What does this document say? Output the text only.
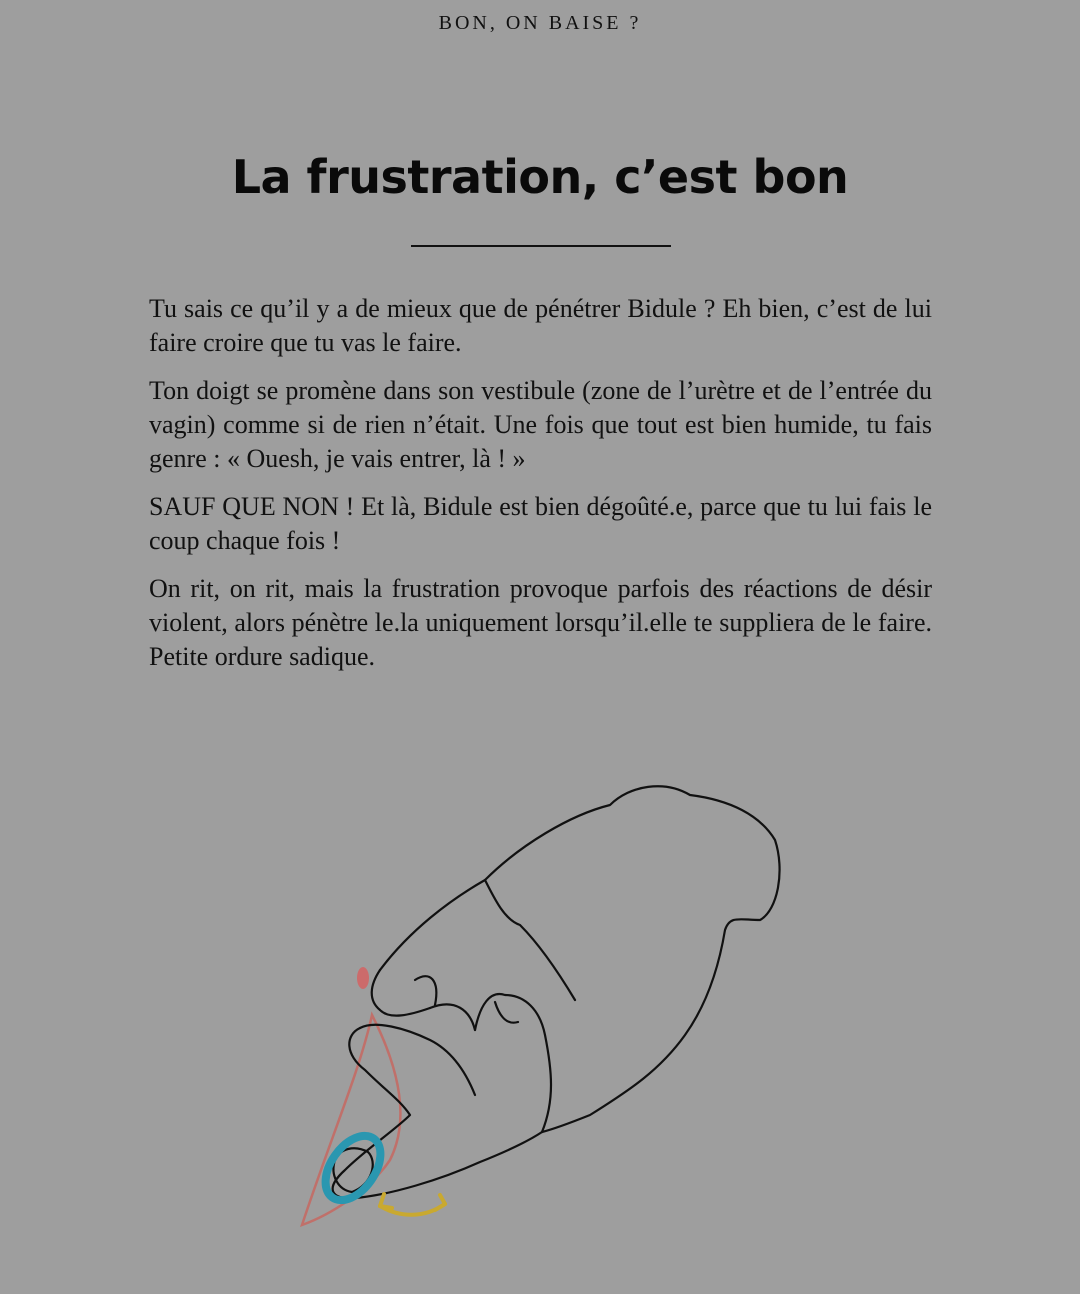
BON, ON BAISE ?
La frustration, c’est bon

Tu sais ce qu’il y a de mieux que de pénétrer Bidule ? Eh bien, c’est de lui faire croire que tu vas le faire.

Ton doigt se promène dans son vestibule (zone de l’urètre et de l’entrée du vagin) comme si de rien n’était. Une fois que tout est bien humide, tu fais genre : « Ouesh, je vais entrer, là ! »

SAUF QUE NON ! Et là, Bidule est bien dégoûté.e, parce que tu lui fais le coup chaque fois !

On rit, on rit, mais la frustration provoque parfois des réactions de désir violent, alors pénètre le.la uniquement lorsqu’il.elle te suppliera de le faire. Petite ordure sadique.
